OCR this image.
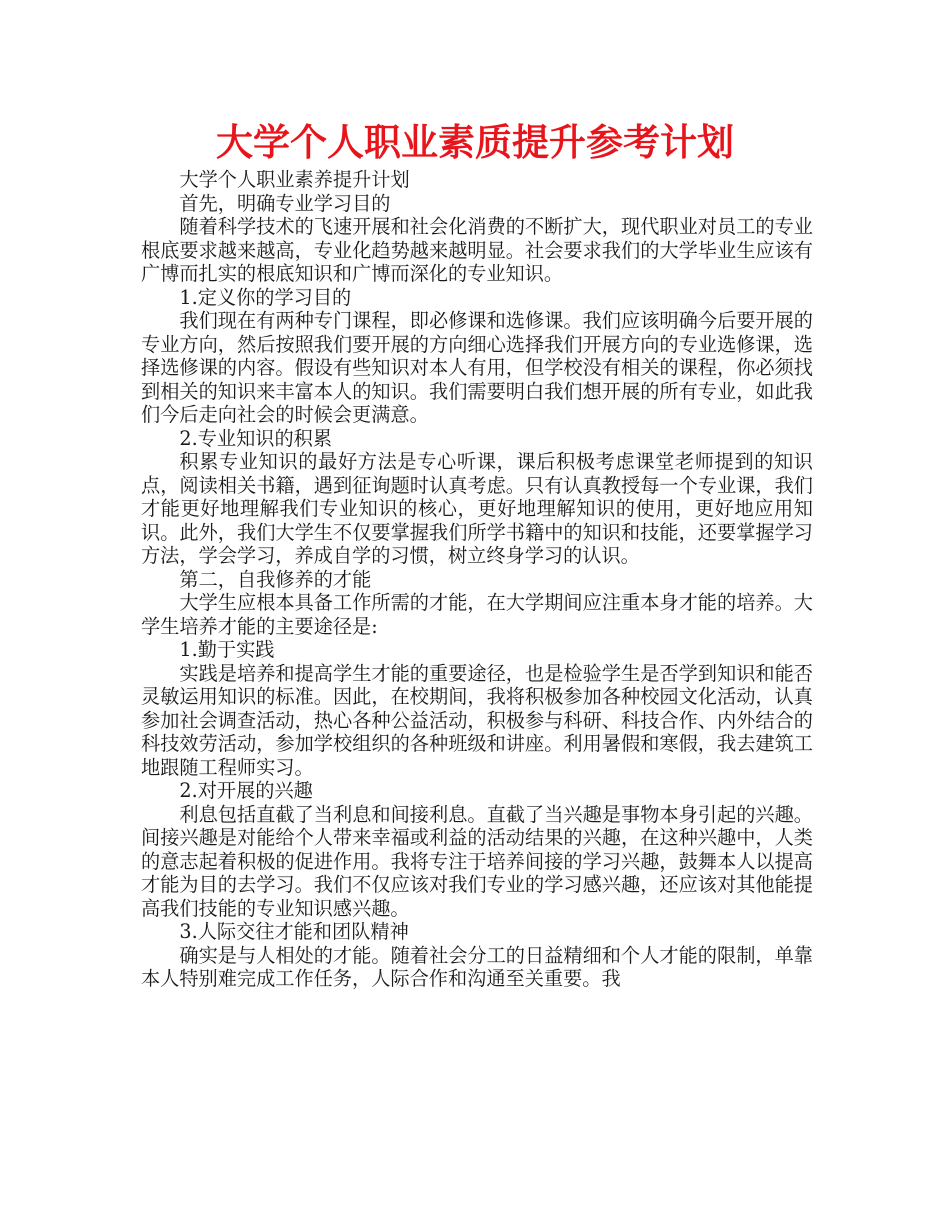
大学个人职业素质提升参考计划

大学个人职业素养提升计划

首先，明确专业学习目的

随着科学技术的飞速开展和社会化消费的不断扩大，现代职业对员工的专业根底要求越来越高，专业化趋势越来越明显。社会要求我们的大学毕业生应该有广博而扎实的根底知识和广博而深化的专业知识。

1.定义你的学习目的

我们现在有两种专门课程，即必修课和选修课。我们应该明确今后要开展的专业方向，然后按照我们要开展的方向细心选择我们开展方向的专业选修课，选择选修课的内容。假设有些知识对本人有用，但学校没有相关的课程，你必须找到相关的知识来丰富本人的知识。我们需要明白我们想开展的所有专业，如此我们今后走向社会的时候会更满意。

2.专业知识的积累

积累专业知识的最好方法是专心听课，课后积极考虑课堂老师提到的知识点，阅读相关书籍，遇到征询题时认真考虑。只有认真教授每一个专业课，我们才能更好地理解我们专业知识的核心，更好地理解知识的使用，更好地应用知识。此外，我们大学生不仅要掌握我们所学书籍中的知识和技能，还要掌握学习方法，学会学习，养成自学的习惯，树立终身学习的认识。

第二，自我修养的才能

大学生应根本具备工作所需的才能，在大学期间应注重本身才能的培养。大学生培养才能的主要途径是:

1.勤于实践

实践是培养和提高学生才能的重要途径，也是检验学生是否学到知识和能否灵敏运用知识的标准。因此，在校期间，我将积极参加各种校园文化活动，认真参加社会调查活动，热心各种公益活动，积极参与科研、科技合作、内外结合的科技效劳活动，参加学校组织的各种班级和讲座。利用暑假和寒假，我去建筑工地跟随工程师实习。

2.对开展的兴趣

利息包括直截了当利息和间接利息。直截了当兴趣是事物本身引起的兴趣。间接兴趣是对能给个人带来幸福或利益的活动结果的兴趣，在这种兴趣中，人类的意志起着积极的促进作用。我将专注于培养间接的学习兴趣，鼓舞本人以提高才能为目的去学习。我们不仅应该对我们专业的学习感兴趣，还应该对其他能提高我们技能的专业知识感兴趣。

3.人际交往才能和团队精神

确实是与人相处的才能。随着社会分工的日益精细和个人才能的限制，单靠本人特别难完成工作任务，人际合作和沟通至关重要。我
